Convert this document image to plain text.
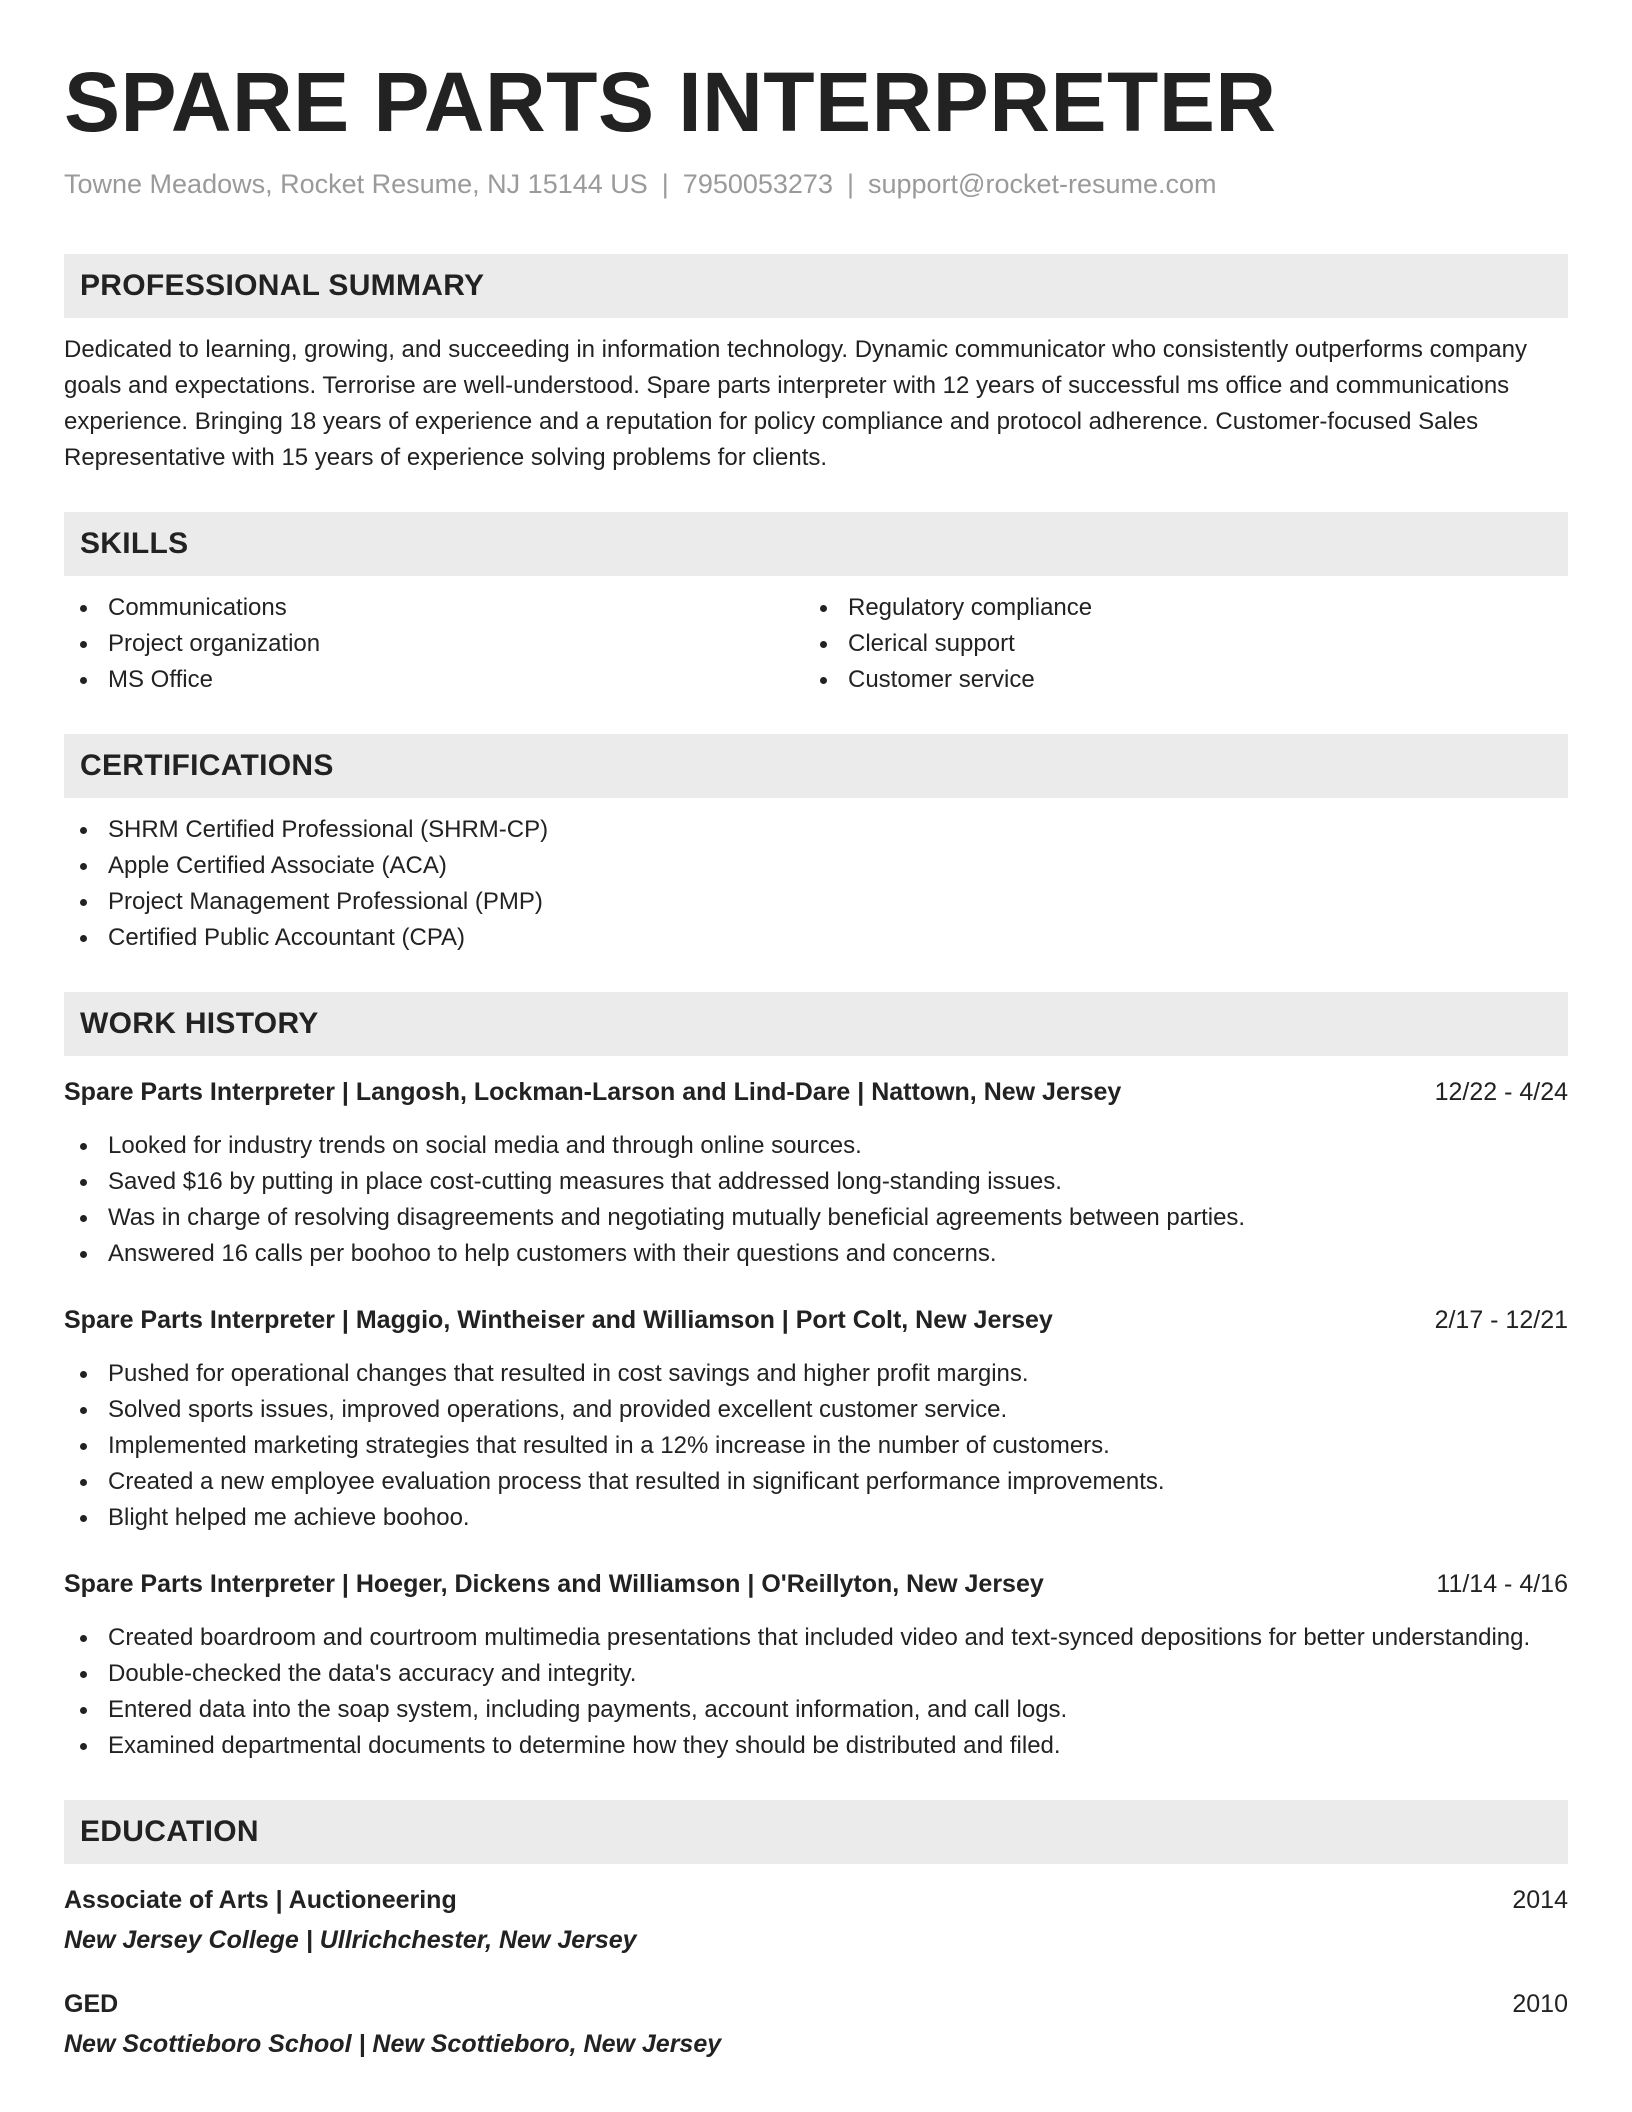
SPARE PARTS INTERPRETER
Towne Meadows, Rocket Resume, NJ 15144 US | 7950053273 | support@rocket-resume.com
PROFESSIONAL SUMMARY
Dedicated to learning, growing, and succeeding in information technology. Dynamic communicator who consistently outperforms company goals and expectations. Terrorise are well-understood. Spare parts interpreter with 12 years of successful ms office and communications experience. Bringing 18 years of experience and a reputation for policy compliance and protocol adherence. Customer-focused Sales Representative with 15 years of experience solving problems for clients.
SKILLS
Communications
Project organization
MS Office
Regulatory compliance
Clerical support
Customer service
CERTIFICATIONS
SHRM Certified Professional (SHRM-CP)
Apple Certified Associate (ACA)
Project Management Professional (PMP)
Certified Public Accountant (CPA)
WORK HISTORY
Spare Parts Interpreter | Langosh, Lockman-Larson and Lind-Dare | Nattown, New Jersey	12/22 - 4/24
Looked for industry trends on social media and through online sources.
Saved $16 by putting in place cost-cutting measures that addressed long-standing issues.
Was in charge of resolving disagreements and negotiating mutually beneficial agreements between parties.
Answered 16 calls per boohoo to help customers with their questions and concerns.
Spare Parts Interpreter | Maggio, Wintheiser and Williamson | Port Colt, New Jersey	2/17 - 12/21
Pushed for operational changes that resulted in cost savings and higher profit margins.
Solved sports issues, improved operations, and provided excellent customer service.
Implemented marketing strategies that resulted in a 12% increase in the number of customers.
Created a new employee evaluation process that resulted in significant performance improvements.
Blight helped me achieve boohoo.
Spare Parts Interpreter | Hoeger, Dickens and Williamson | O'Reillyton, New Jersey	11/14 - 4/16
Created boardroom and courtroom multimedia presentations that included video and text-synced depositions for better understanding.
Double-checked the data's accuracy and integrity.
Entered data into the soap system, including payments, account information, and call logs.
Examined departmental documents to determine how they should be distributed and filed.
EDUCATION
Associate of Arts | Auctioneering	2014
New Jersey College | Ullrichchester, New Jersey
GED	2010
New Scottieboro School | New Scottieboro, New Jersey
